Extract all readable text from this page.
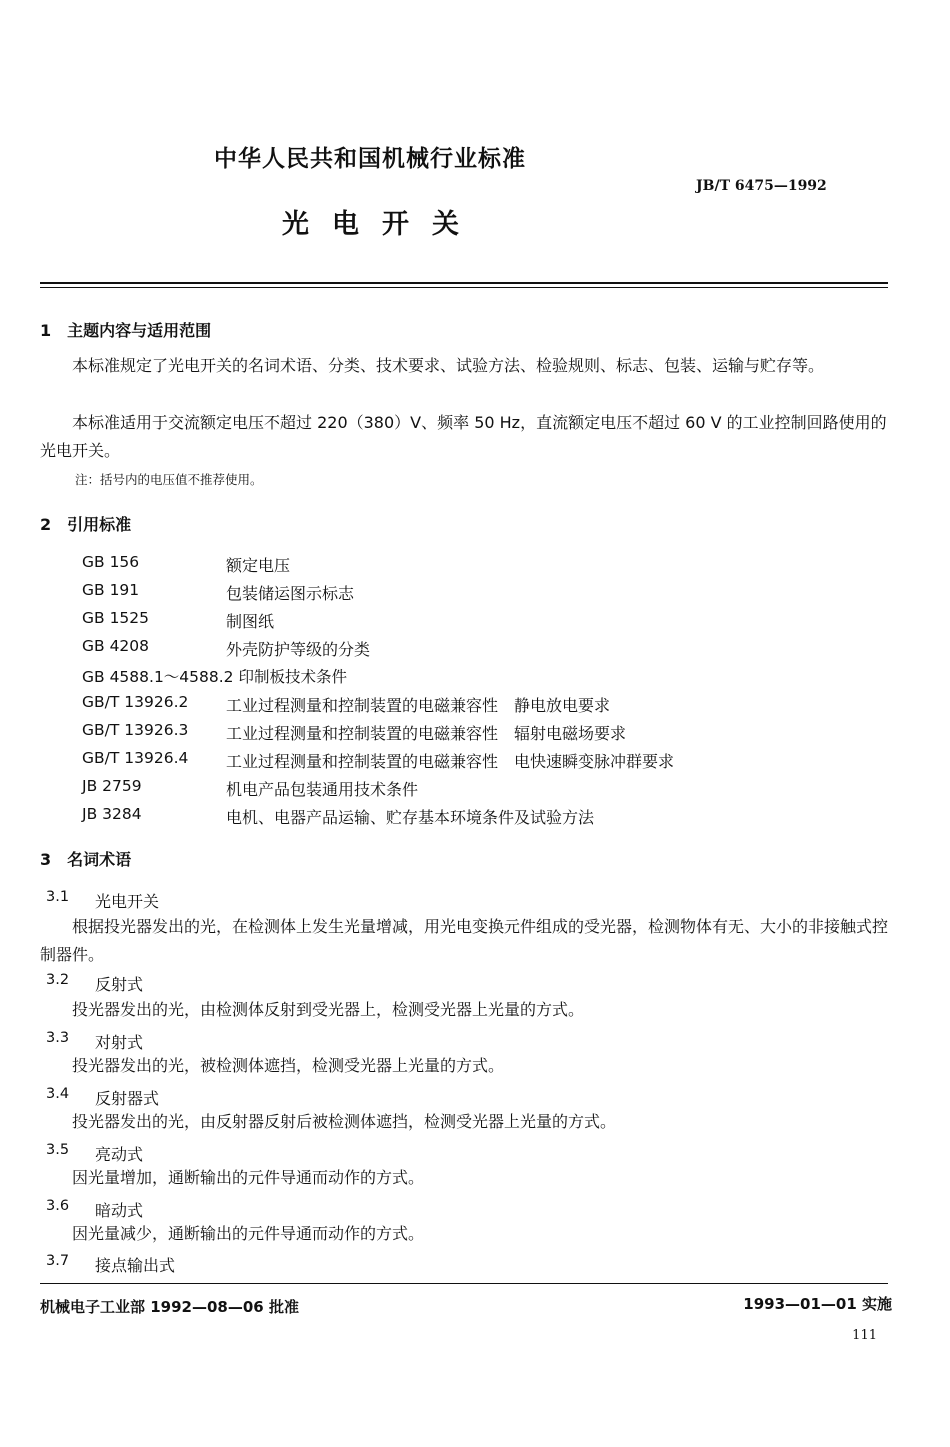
中华人民共和国机械行业标准
JB/T 6475—1992
光电开关
1　主题内容与适用范围
本标准规定了光电开关的名词术语、分类、技术要求、试验方法、检验规则、标志、包装、运输与贮存等。
本标准适用于交流额定电压不超过 220（380）V、频率 50 Hz，直流额定电压不超过 60 V 的工业控制回路使用的光电开关。
注：括号内的电压值不推荐使用。
2　引用标准
GB 156	额定电压
GB 191	包装储运图示标志
GB 1525	制图纸
GB 4208	外壳防护等级的分类
GB 4588.1～4588.2 印制板技术条件
GB/T 13926.2 工业过程测量和控制装置的电磁兼容性　静电放电要求
GB/T 13926.3 工业过程测量和控制装置的电磁兼容性　辐射电磁场要求
GB/T 13926.4 工业过程测量和控制装置的电磁兼容性　电快速瞬变脉冲群要求
JB 2759	机电产品包装通用技术条件
JB 3284	电机、电器产品运输、贮存基本环境条件及试验方法
3　名词术语
3.1 光电开关
根据投光器发出的光，在检测体上发生光量增减，用光电变换元件组成的受光器，检测物体有无、大小的非接触式控制器件。
3.2 反射式
投光器发出的光，由检测体反射到受光器上，检测受光器上光量的方式。
3.3 对射式
投光器发出的光，被检测体遮挡，检测受光器上光量的方式。
3.4 反射器式
投光器发出的光，由反射器反射后被检测体遮挡，检测受光器上光量的方式。
3.5 亮动式
因光量增加，通断输出的元件导通而动作的方式。
3.6 暗动式
因光量减少，通断输出的元件导通而动作的方式。
3.7 接点输出式
机械电子工业部 1992—08—06 批准	1993—01—01 实施
111
